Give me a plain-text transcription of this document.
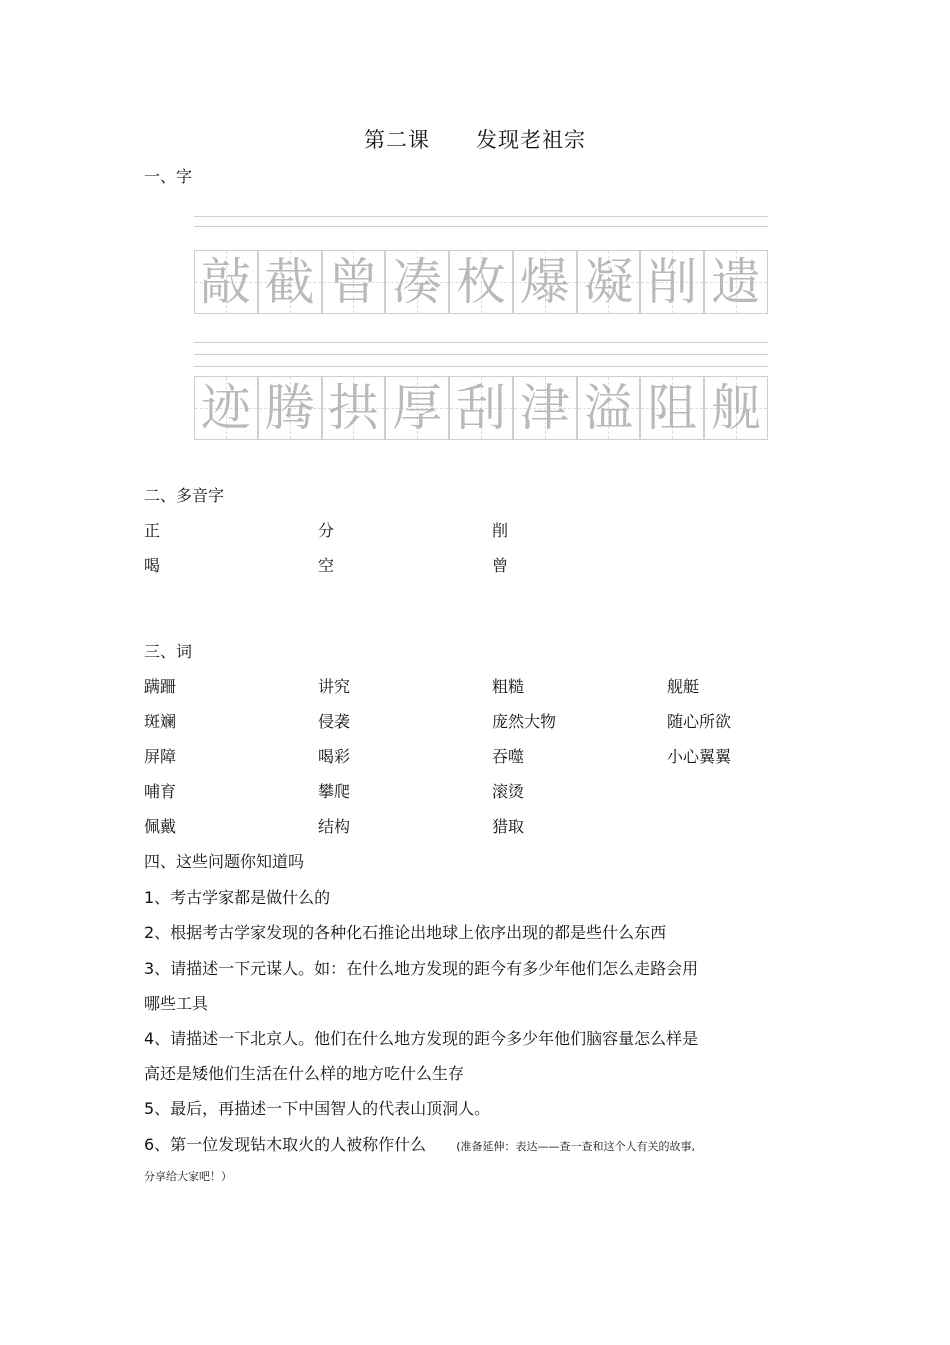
第二课      发现老祖宗
一、字
敲 截 曾 凑 枚 爆 凝 削 遗
迹 腾 拱 厚 刮 津 溢 阻 舰
二、多音字
正	分	削
喝	空	曾
三、词
蹒跚	讲究	粗糙	舰艇
斑斓	侵袭	庞然大物	随心所欲
屏障	喝彩	吞噬	小心翼翼
哺育	攀爬	滚烫
佩戴	结构	猎取
四、这些问题你知道吗
1、考古学家都是做什么的
2、根据考古学家发现的各种化石推论出地球上依序出现的都是些什么东西
3、请描述一下元谋人。如：在什么地方发现的距今有多少年他们怎么走路会用
哪些工具
4、请描述一下北京人。他们在什么地方发现的距今多少年他们脑容量怎么样是
高还是矮他们生活在什么样的地方吃什么生存
5、最后，再描述一下中国智人的代表山顶洞人。
6、第一位发现钻木取火的人被称作什么	(准备延伸：表达——查一查和这个人有关的故事,
分享给大家吧！）
